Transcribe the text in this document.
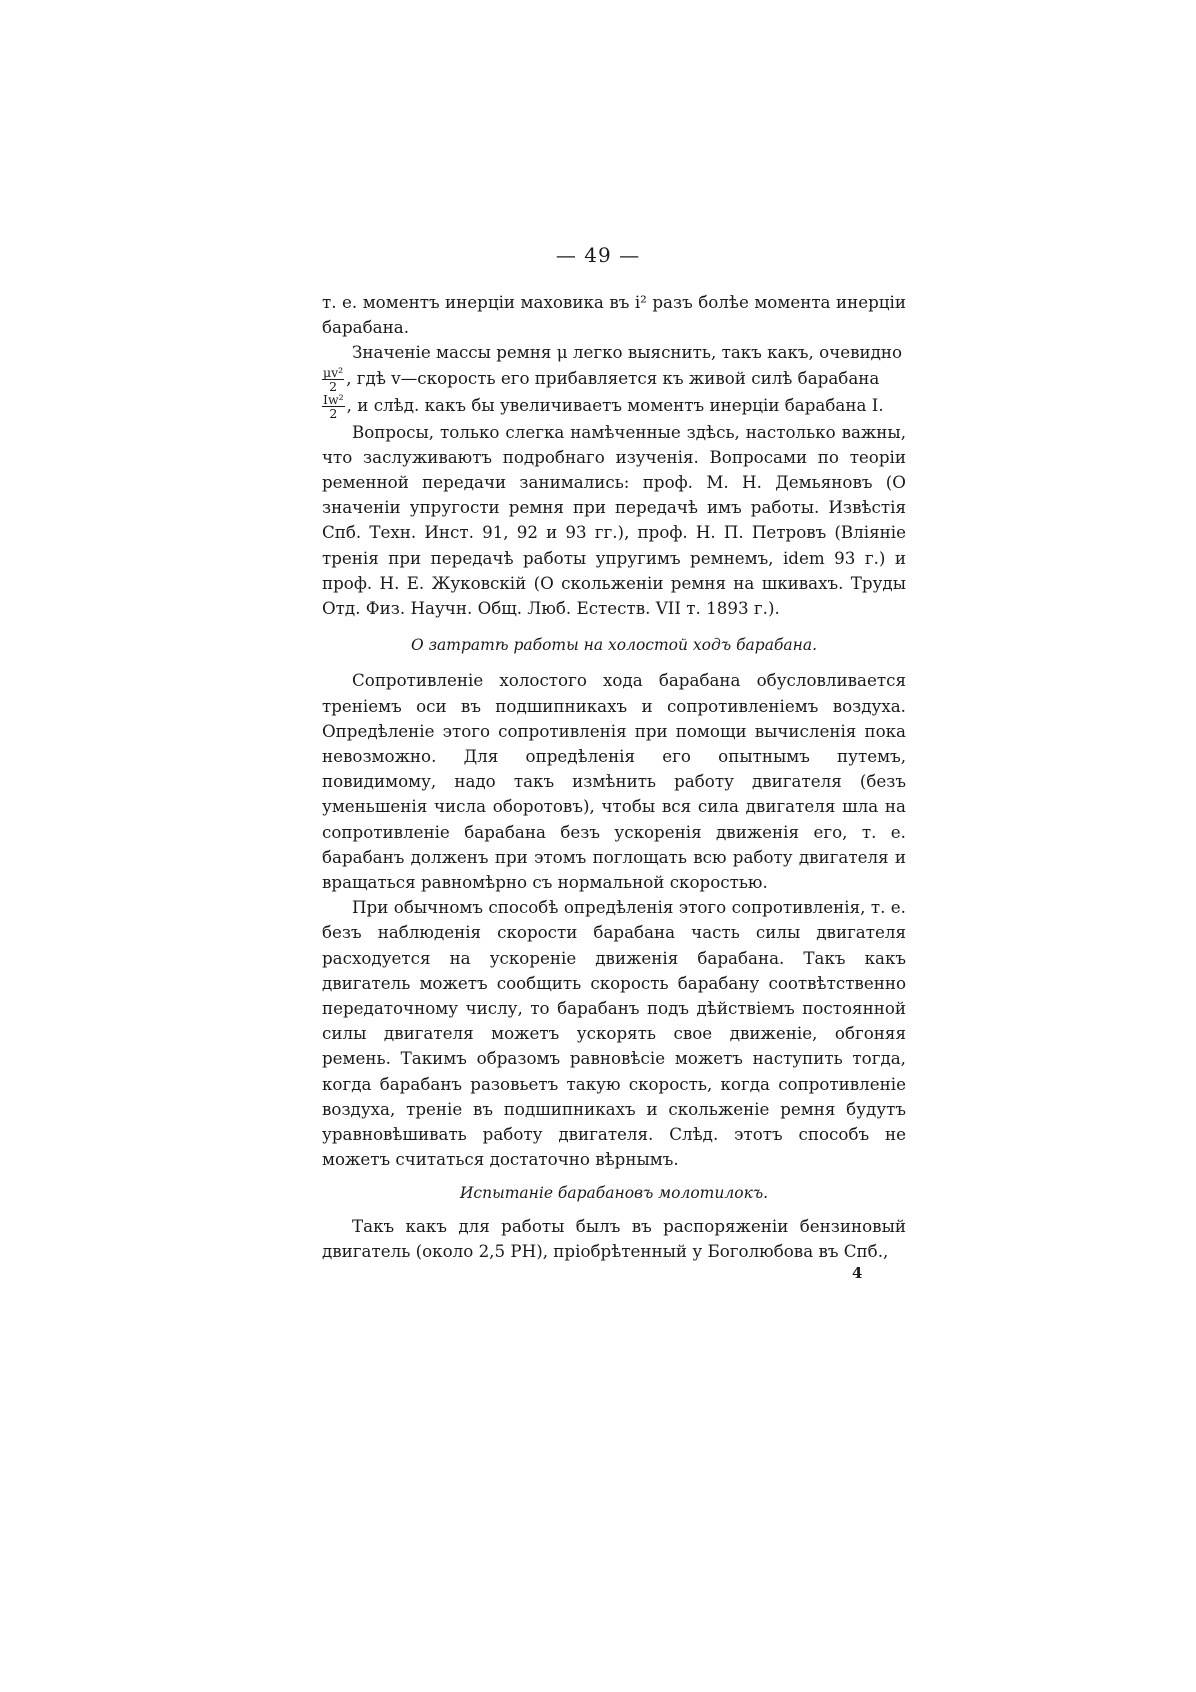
— 49 —

т. е. моментъ инерцiи маховика въ i² разъ болѣе момента инерцiи барабана.

Значенiе массы ремня μ легко выяснить, такъ какъ, очевидно

$\frac{\text{μv²}}{2}$ , гдѣ v—скорость его прибавляется къ живой силѣ барабана

$\frac{\text{Iw²}}{2}$ , и слѣд. какъ бы увеличиваетъ моментъ инерцiи барабана I.

Вопросы, только слегка намѣченные здѣсь, настолько важны, что заслуживаютъ подробнаго изученiя. Вопросами по теорiи ременной передачи занимались: проф. М. Н. Демьяновъ (О значенiи упругости ремня при передачѣ имъ работы. Извѣстiя Спб. Техн. Инст. 91, 92 и 93 гг.), проф. Н. П. Петровъ (Влiянiе тренiя при передачѣ работы упругимъ ремнемъ, idem 93 г.) и проф. Н. Е. Жуковскiй (О скольженiи ремня на шкивахъ. Труды Отд. Физ. Научн. Общ. Люб. Естеств. VII т. 1893 г.).

О затратѣ работы на холостой ходъ барабана.

Сопротивленiе холостого хода барабана обусловливается тренiемъ оси въ подшипникахъ и сопротивленiемъ воздуха. Опредѣленiе этого сопротивленiя при помощи вычисленiя пока невозможно. Для опредѣленiя его опытнымъ путемъ, повидимому, надо такъ измѣнить работу двигателя (безъ уменьшенiя числа оборотовъ), чтобы вся сила двигателя шла на сопротивленiе барабана безъ ускоренiя движенiя его, т. е. барабанъ долженъ при этомъ поглощать всю работу двигателя и вращаться равномѣрно съ нормальной скоростью.

При обычномъ способѣ опредѣленiя этого сопротивленiя, т. е. безъ наблюденiя скорости барабана часть силы двигателя расходуется на ускоренiе движенiя барабана. Такъ какъ двигатель можетъ сообщить скорость барабану соотвѣтственно передаточному числу, то барабанъ подъ дѣйствiемъ постоянной силы двигателя можетъ ускорять свое движенiе, обгоняя ремень. Такимъ образомъ равновѣсiе можетъ наступить тогда, когда барабанъ разовьетъ такую скорость, когда сопротивленiе воздуха, тренiе въ подшипникахъ и скольженiе ремня будутъ уравновѣшивать работу двигателя. Слѣд. этотъ способъ не можетъ считаться достаточно вѣрнымъ.

Испытанiе барабановъ молотилокъ.

Такъ какъ для работы былъ въ распоряженiи бензиновый двигатель (около 2,5 PH), прiобрѣтенный у Боголюбова въ Спб.,

4
